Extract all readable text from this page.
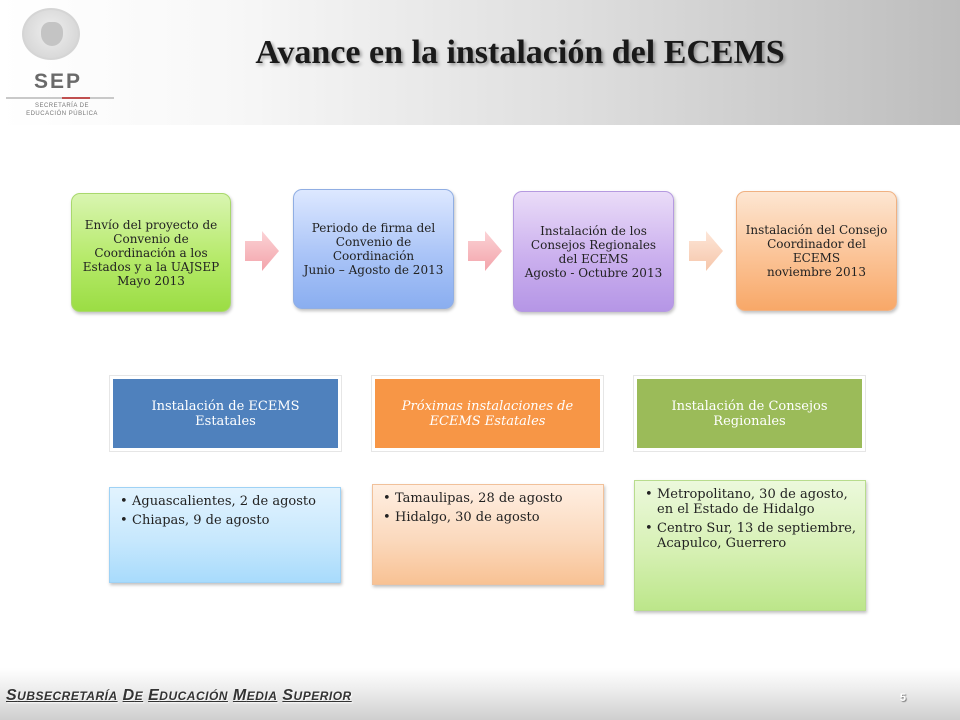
SEP
SECRETARÍA DE EDUCACIÓN PÚBLICA
Avance en la instalación del ECEMS
Envío del proyecto de Convenio de Coordinación a los Estados y a la UAJSEP
Mayo 2013
Periodo de firma del Convenio de Coordinación
Junio – Agosto de 2013
Instalación de los Consejos Regionales del ECEMS
Agosto - Octubre 2013
Instalación del Consejo Coordinador del ECEMS
noviembre 2013
Instalación de ECEMS Estatales
Próximas instalaciones de ECEMS Estatales
Instalación de Consejos Regionales
• Aguascalientes, 2 de agosto
• Chiapas, 9 de agosto
• Tamaulipas, 28 de agosto
• Hidalgo, 30 de agosto
• Metropolitano, 30 de agosto, en el Estado de Hidalgo
• Centro Sur, 13 de septiembre, Acapulco, Guerrero
SUBSECRETARÍA DE EDUCACIÓN MEDIA SUPERIOR	5
